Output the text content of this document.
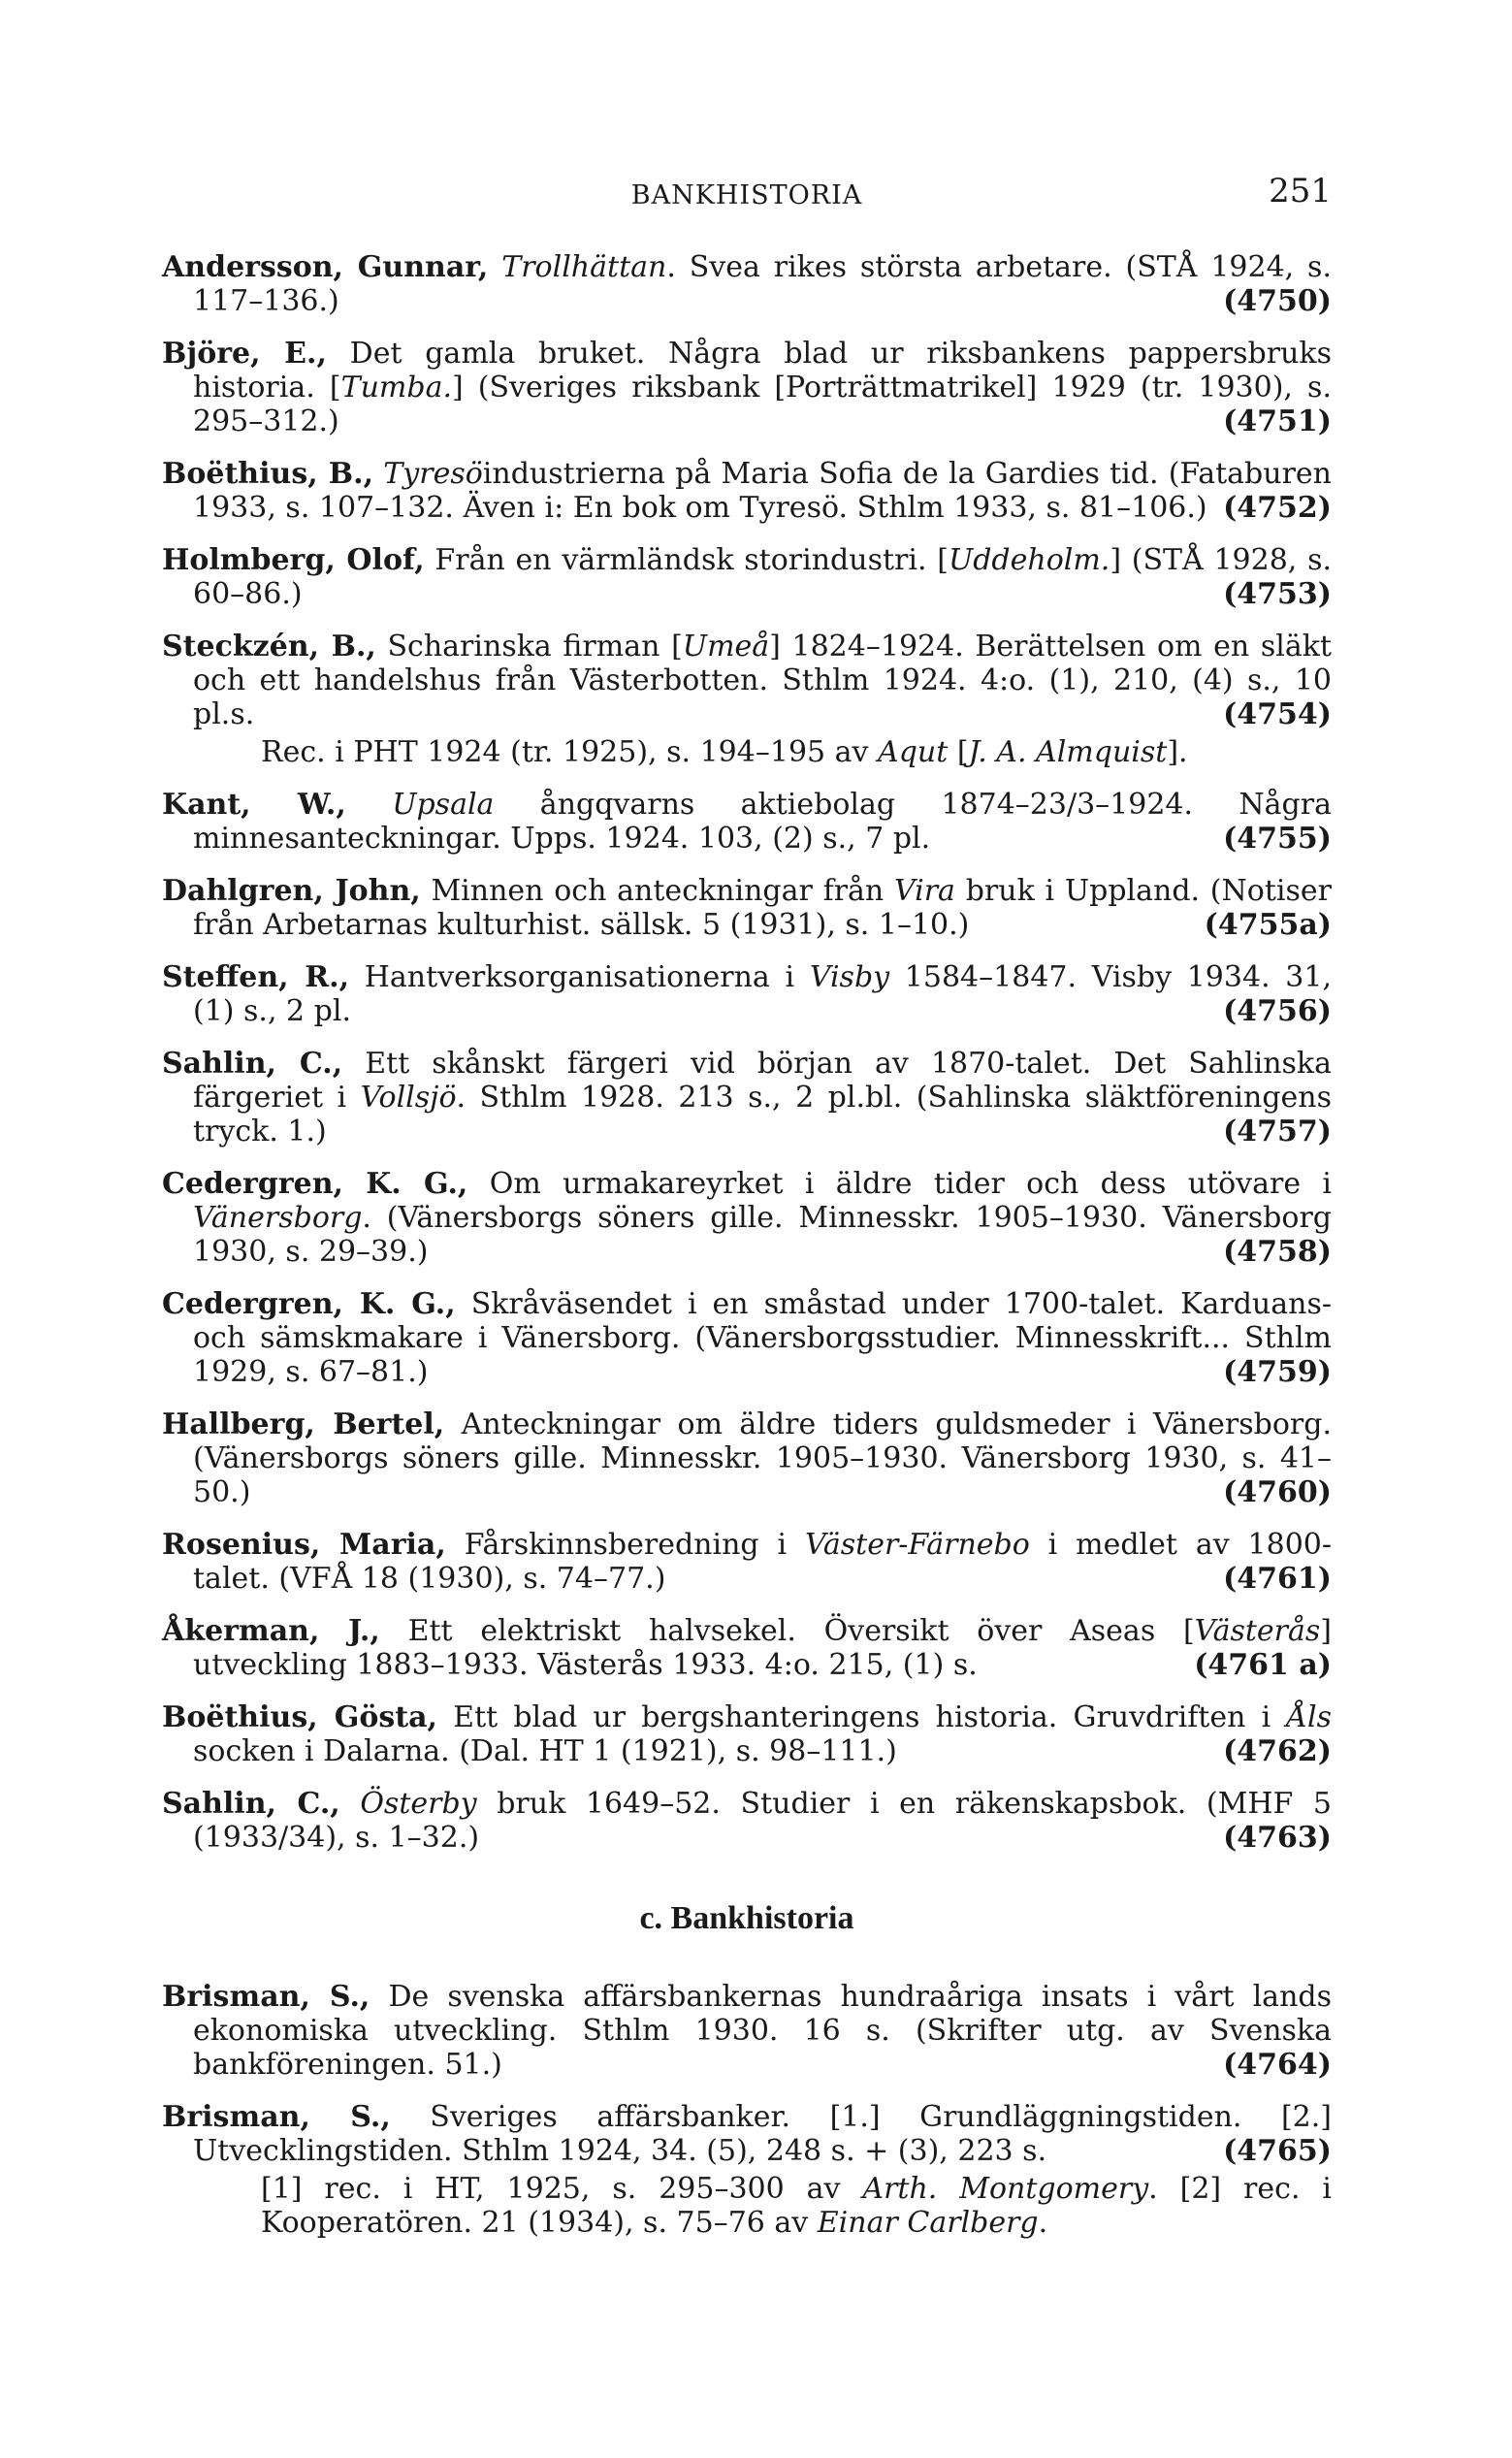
BANKHISTORIA	251
Andersson, Gunnar, Trollhättan. Svea rikes största arbetare. (STÅ 1924, s. 117–136.)	(4750)
Björe, E., Det gamla bruket. Några blad ur riksbankens pappersbruks historia. [Tumba.] (Sveriges riksbank [Porträttmatrikel] 1929 (tr. 1930), s. 295–312.)	(4751)
Boëthius, B., Tyresöindustrierna på Maria Sofia de la Gardies tid. (Fataburen 1933, s. 107–132. Även i: En bok om Tyresö. Sthlm 1933, s. 81–106.) (4752)
Holmberg, Olof, Från en värmländsk storindustri. [Uddeholm.] (STÅ 1928, s. 60–86.)	(4753)
Steckzén, B., Scharinska firman [Umeå] 1824–1924. Berättelsen om en släkt och ett handelshus från Västerbotten. Sthlm 1924. 4:o. (1), 210, (4) s., 10 pl.s.	(4754)
Rec. i PHT 1924 (tr. 1925), s. 194–195 av Aqut [J. A. Almquist].
Kant, W., Upsala ångqvarns aktiebolag 1874–23/3–1924. Några minnesanteckningar. Upps. 1924. 103, (2) s., 7 pl.	(4755)
Dahlgren, John, Minnen och anteckningar från Vira bruk i Uppland. (Notiser från Arbetarnas kulturhist. sällsk. 5 (1931), s. 1–10.)	(4755a)
Steffen, R., Hantverksorganisationerna i Visby 1584–1847. Visby 1934. 31, (1) s., 2 pl.	(4756)
Sahlin, C., Ett skånskt färgeri vid början av 1870-talet. Det Sahlinska färgeriet i Vollsjö. Sthlm 1928. 213 s., 2 pl.bl. (Sahlinska släktföreningens tryck. 1.)	(4757)
Cedergren, K. G., Om urmakareyrket i äldre tider och dess utövare i Vänersborg. (Vänersborgs söners gille. Minnesskr. 1905–1930. Vänersborg 1930, s. 29–39.)	(4758)
Cedergren, K. G., Skråväsendet i en småstad under 1700-talet. Karduans- och sämskmakare i Vänersborg. (Vänersborgsstudier. Minnesskrift... Sthlm 1929, s. 67–81.)	(4759)
Hallberg, Bertel, Anteckningar om äldre tiders guldsmeder i Vänersborg. (Vänersborgs söners gille. Minnesskr. 1905–1930. Vänersborg 1930, s. 41–50.)	(4760)
Rosenius, Maria, Fårskinnsberedning i Väster-Färnebo i medlet av 1800-talet. (VFÅ 18 (1930), s. 74–77.)	(4761)
Åkerman, J., Ett elektriskt halvsekel. Översikt över Aseas [Västerås] utveckling 1883–1933. Västerås 1933. 4:o. 215, (1) s.	(4761 a)
Boëthius, Gösta, Ett blad ur bergshanteringens historia. Gruvdriften i Åls socken i Dalarna. (Dal. HT 1 (1921), s. 98–111.)	(4762)
Sahlin, C., Österby bruk 1649–52. Studier i en räkenskapsbok. (MHF 5 (1933/34), s. 1–32.)	(4763)
c. Bankhistoria
Brisman, S., De svenska affärsbankernas hundraåriga insats i vårt lands ekonomiska utveckling. Sthlm 1930. 16 s. (Skrifter utg. av Svenska bankföreningen. 51.)	(4764)
Brisman, S., Sveriges affärsbanker. [1.] Grundläggningstiden. [2.] Utvecklingstiden. Sthlm 1924, 34. (5), 248 s. + (3), 223 s.	(4765)
[1] rec. i HT, 1925, s. 295–300 av Arth. Montgomery. [2] rec. i Kooperatören. 21 (1934), s. 75–76 av Einar Carlberg.
